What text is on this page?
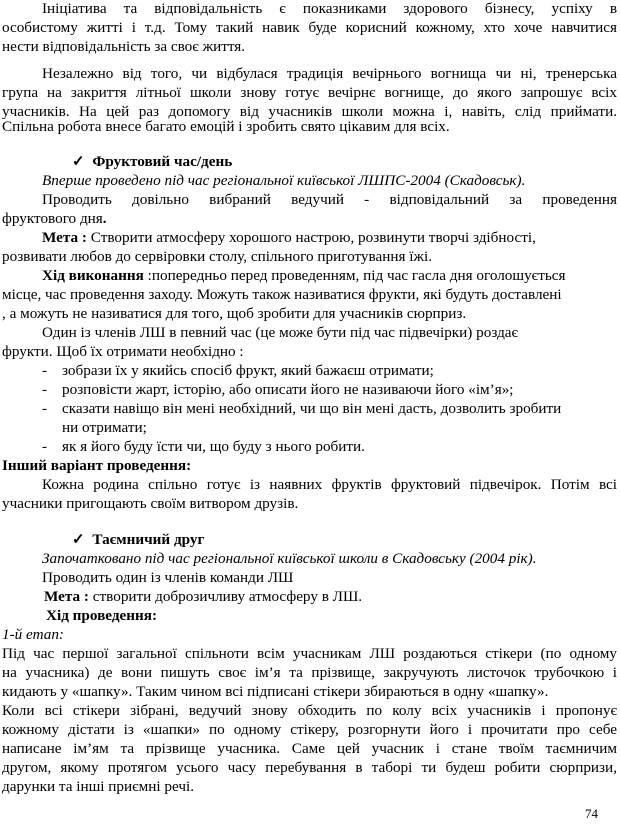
Ініціатива та відповідальність є показниками здорового бізнесу, успіху в
особистому житті і т.д. Тому такий навик буде корисний кожному, хто хоче навчитися
нести відповідальність за своє життя.
Незалежно від того, чи відбулася традиція вечірнього вогнища чи ні, тренерська
група на закриття літньої школи знову готує вечірнє вогнище, до якого запрошує всіх
учасників. На цей раз допомогу від учасників школи можна і, навіть, слід приймати.
Спільна робота внесе багато емоцій і зробить свято цікавим для всіх.
✓ Фруктовий час/день
Вперше проведено під час регіональної київської ЛШПС-2004 (Скадовськ).
Проводить довільно вибраний ведучий - відповідальний за проведення
фруктового дня.
Мета : Створити атмосферу хорошого настрою, розвинути творчі здібності,
розвивати любов до сервіровки столу, спільного приготування їжі.
Хід виконання :попередньо перед проведенням, під час гасла дня оголошується
місце, час проведення заходу. Можуть також називатися фрукти, які будуть доставлені
, а можуть не називатися для того, щоб зробити для учасників сюрприз.
Один із членів ЛШ в певний час (це може бути під час підвечірки) роздає
фрукти. Щоб їх отримати необхідно :
- зобрази їх у якийсь спосіб фрукт, який бажаєш отримати;
- розповісти жарт, історію, або описати його не називаючи його «ім’я»;
- сказати навіщо він мені необхідний, чи що він мені дасть, дозволить зробити
ни отримати;
- як я його буду їсти чи, що буду з нього робити.
Інший варіант проведення:
Кожна родина спільно готує із наявних фруктів фруктовий підвечірок. Потім всі
учасники пригощають своїм витвором друзів.
✓ Таємничий друг
Започатковано під час регіональної київської школи в Скадовську (2004 рік).
Проводить один із членів команди ЛШ
Мета : створити доброзичливу атмосферу в ЛШ.
Хід проведення:
1-й етап:
Під час першої загальної спільноти всім учасникам ЛШ роздаються стікери (по одному
на учасника) де вони пишуть своє ім’я та прізвище, закручують листочок трубочкою і
кидають у «шапку». Таким чином всі підписані стікери збираються в одну «шапку».
Коли всі стікери зібрані, ведучий знову обходить по колу всіх учасників і пропонує
кожному дістати із «шапки» по одному стікеру, розгорнути його і прочитати про себе
написане ім’ям та прізвище учасника. Саме цей учасник і стане твоїм таємничим
другом, якому протягом усього часу перебування в таборі ти будеш робити сюрпризи,
дарунки та інші приємні речі.
74
